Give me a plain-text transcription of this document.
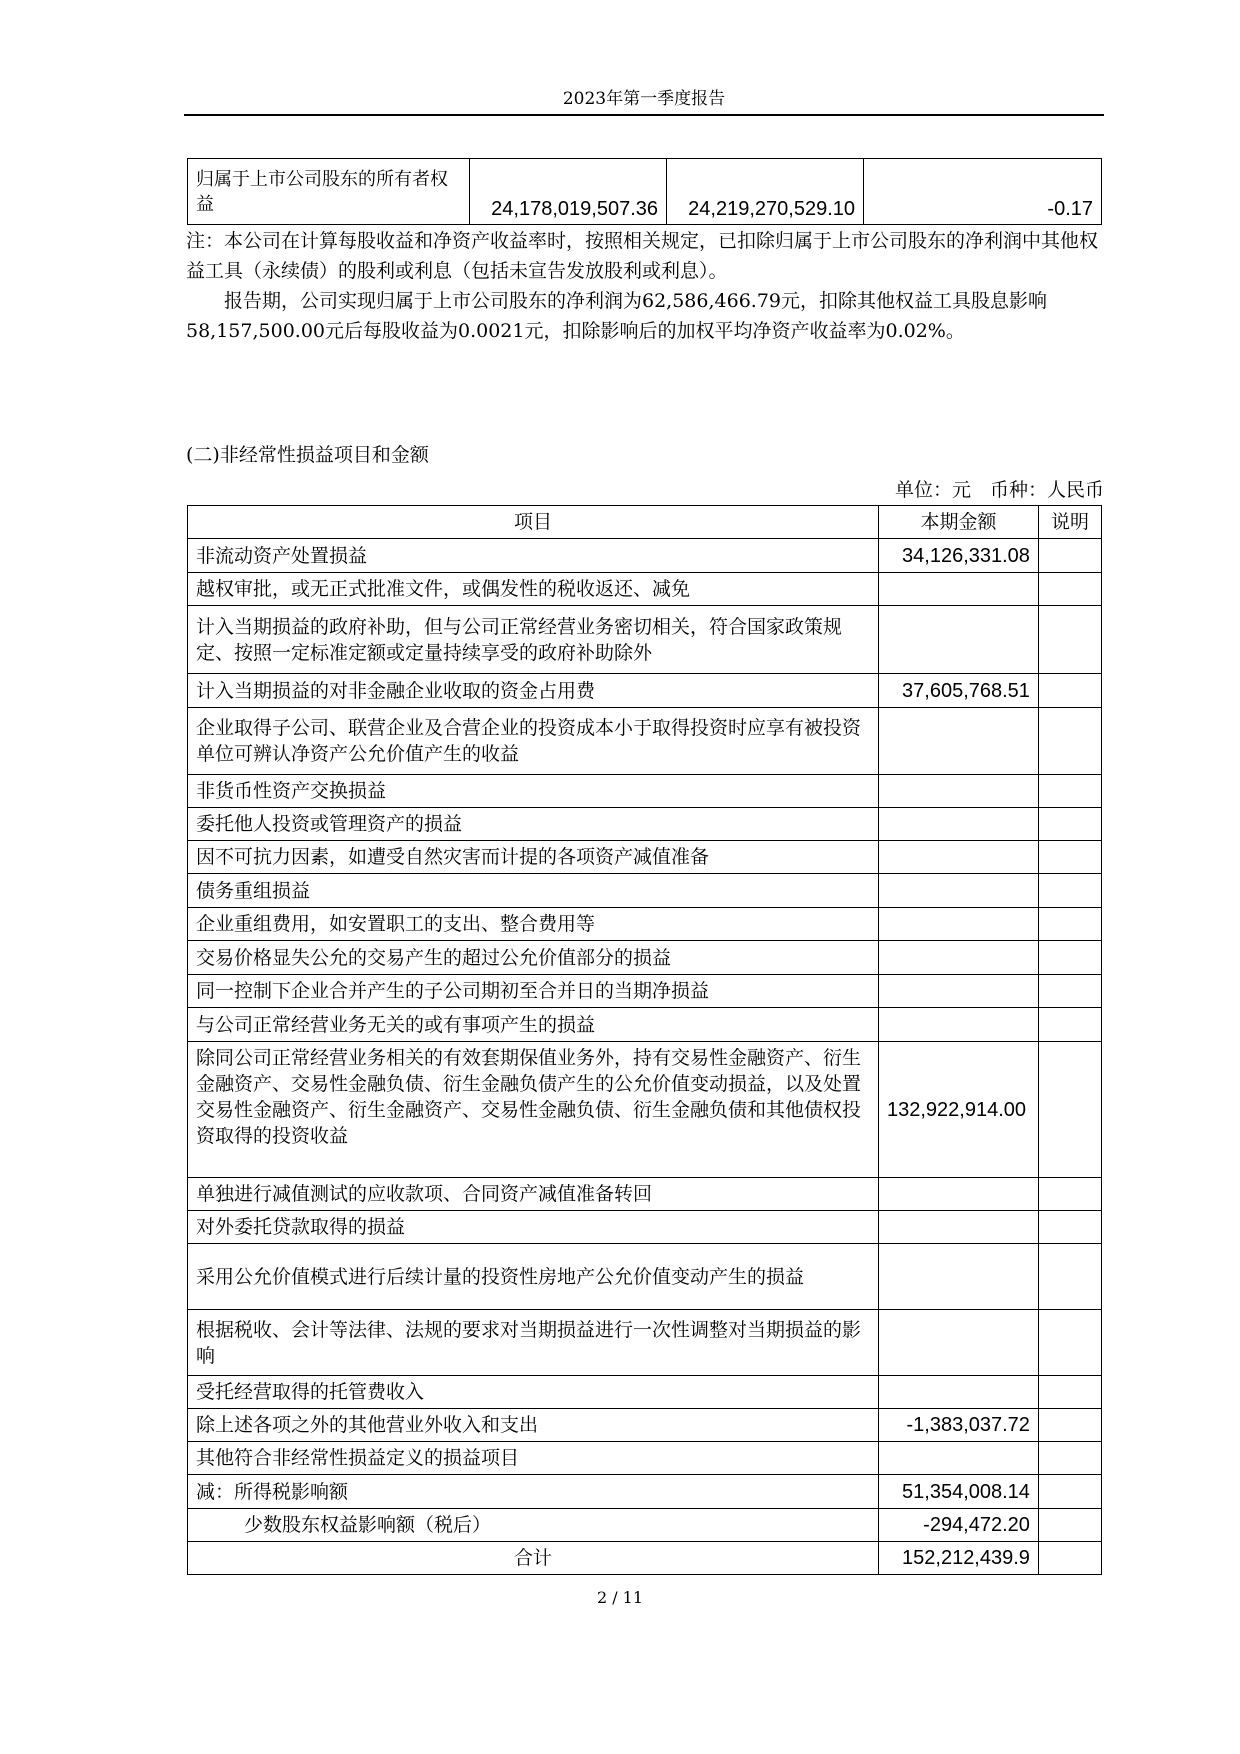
2023年第一季度报告
归属于上市公司股东的所有者权益	24,178,019,507.36	24,219,270,529.10	-0.17

注：本公司在计算每股收益和净资产收益率时，按照相关规定，已扣除归属于上市公司股东的净利润中其他权益工具（永续债）的股利或利息（包括未宣告发放股利或利息）。

报告期，公司实现归属于上市公司股东的净利润为62,586,466.79元，扣除其他权益工具股息影响58,157,500.00元后每股收益为0.0021元，扣除影响后的加权平均净资产收益率为0.02%。

(二)非经常性损益项目和金额
单位：元　币种：人民币
项目	本期金额	说明
非流动资产处置损益	34,126,331.08	
越权审批，或无正式批准文件，或偶发性的税收返还、减免		
计入当期损益的政府补助，但与公司正常经营业务密切相关，符合国家政策规定、按照一定标准定额或定量持续享受的政府补助除外		
计入当期损益的对非金融企业收取的资金占用费	37,605,768.51	
企业取得子公司、联营企业及合营企业的投资成本小于取得投资时应享有被投资单位可辨认净资产公允价值产生的收益		
非货币性资产交换损益		
委托他人投资或管理资产的损益		
因不可抗力因素，如遭受自然灾害而计提的各项资产减值准备		
债务重组损益		
企业重组费用，如安置职工的支出、整合费用等		
交易价格显失公允的交易产生的超过公允价值部分的损益		
同一控制下企业合并产生的子公司期初至合并日的当期净损益		
与公司正常经营业务无关的或有事项产生的损益		
除同公司正常经营业务相关的有效套期保值业务外，持有交易性金融资产、衍生金融资产、交易性金融负债、衍生金融负债产生的公允价值变动损益，以及处置交易性金融资产、衍生金融资产、交易性金融负债、衍生金融负债和其他债权投资取得的投资收益	132,922,914.00	
单独进行减值测试的应收款项、合同资产减值准备转回		
对外委托贷款取得的损益		
采用公允价值模式进行后续计量的投资性房地产公允价值变动产生的损益		
根据税收、会计等法律、法规的要求对当期损益进行一次性调整对当期损益的影响		
受托经营取得的托管费收入		
除上述各项之外的其他营业外收入和支出	-1,383,037.72	
其他符合非经常性损益定义的损益项目		
减：所得税影响额	51,354,008.14	
少数股东权益影响额（税后）	-294,472.20	
合计	152,212,439.9	
2 / 11
